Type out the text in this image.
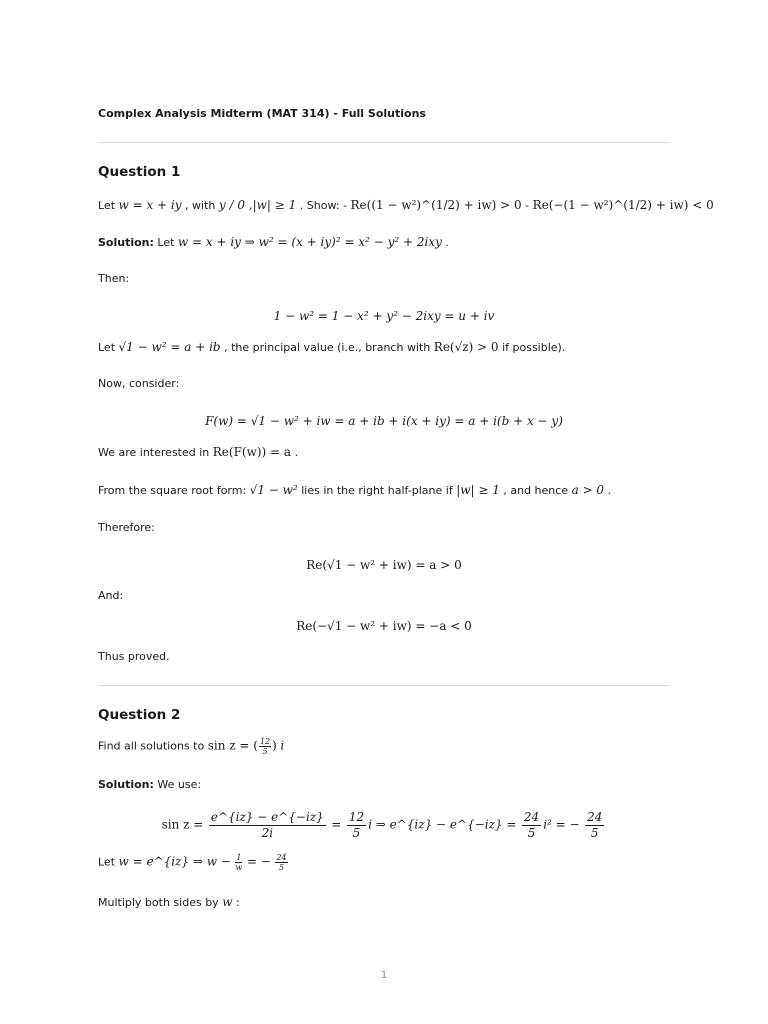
Complex Analysis Midterm (MAT 314) - Full Solutions
Question 1
Let w = x + iy , with y / 0 ,|w| ≥ 1 . Show: - Re((1 − w²)^(1/2) + iw) > 0 - Re(−(1 − w²)^(1/2) + iw) < 0
Solution: Let w = x + iy ⇒ w² = (x + iy)² = x² − y² + 2ixy .
Then:
1 − w² = 1 − x² + y² − 2ixy = u + iv
Let √1 − w² = a + ib , the principal value (i.e., branch with Re(√z) > 0 if possible).
Now, consider:
F(w) = √1 − w² + iw = a + ib + i(x + iy) = a + i(b + x − y)
We are interested in Re(F(w)) = a .
From the square root form: √1 − w² lies in the right half-plane if |w| ≥ 1 , and hence a > 0 .
Therefore:
Re(√1 − w² + iw) = a > 0
And:
Re(−√1 − w² + iw) = −a < 0
Thus proved.
Question 2
Find all solutions to sin z = ( $\frac{12}{5}$ ) i
Solution: We use:
$\sin z = \frac{e\^{}\{iz\} - e\^{}\{-iz\}}{2i} = \frac{12}{5}$ i ⇒ e^{iz} − e^{−iz} = $\frac{24}{5} i^2$ = − $\frac{24}{5}$
Let w = e^{iz} ⇒ $w - \frac{1}{w}$ = − $\frac{24}{5}$
Multiply both sides by w :
1
